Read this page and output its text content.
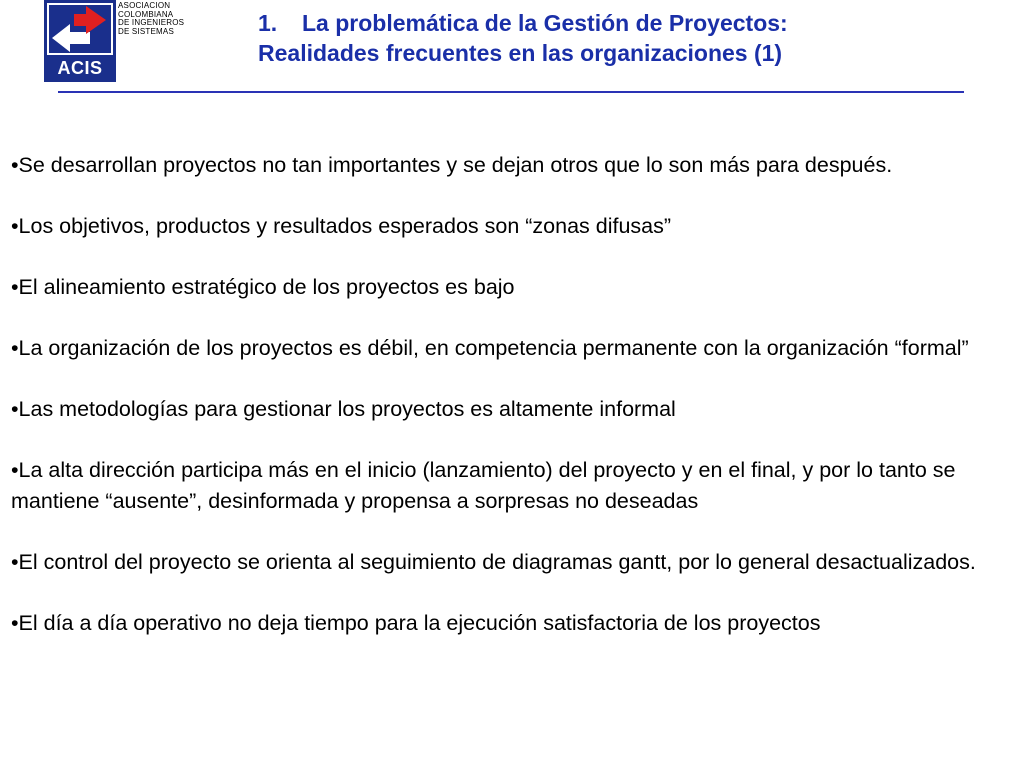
ACIS
ASOCIACION
COLOMBIANA
DE INGENIEROS
DE SISTEMAS	1. La problemática de la Gestión de Proyectos:
Realidades frecuentes en las organizaciones (1)
•Se desarrollan proyectos no tan importantes y se dejan otros que lo son más para después.
•Los objetivos, productos y resultados esperados son “zonas difusas”
•El alineamiento estratégico de los proyectos es bajo
•La organización de los proyectos es débil, en competencia permanente con la organización “formal”
•Las metodologías para gestionar los proyectos es altamente informal
•La alta dirección participa más en el inicio (lanzamiento) del proyecto y en el final, y por lo tanto se mantiene “ausente”, desinformada y propensa a sorpresas no deseadas
•El control del proyecto se orienta al seguimiento de diagramas gantt, por lo general desactualizados.
•El día a día operativo no deja tiempo para la ejecución satisfactoria de los proyectos
